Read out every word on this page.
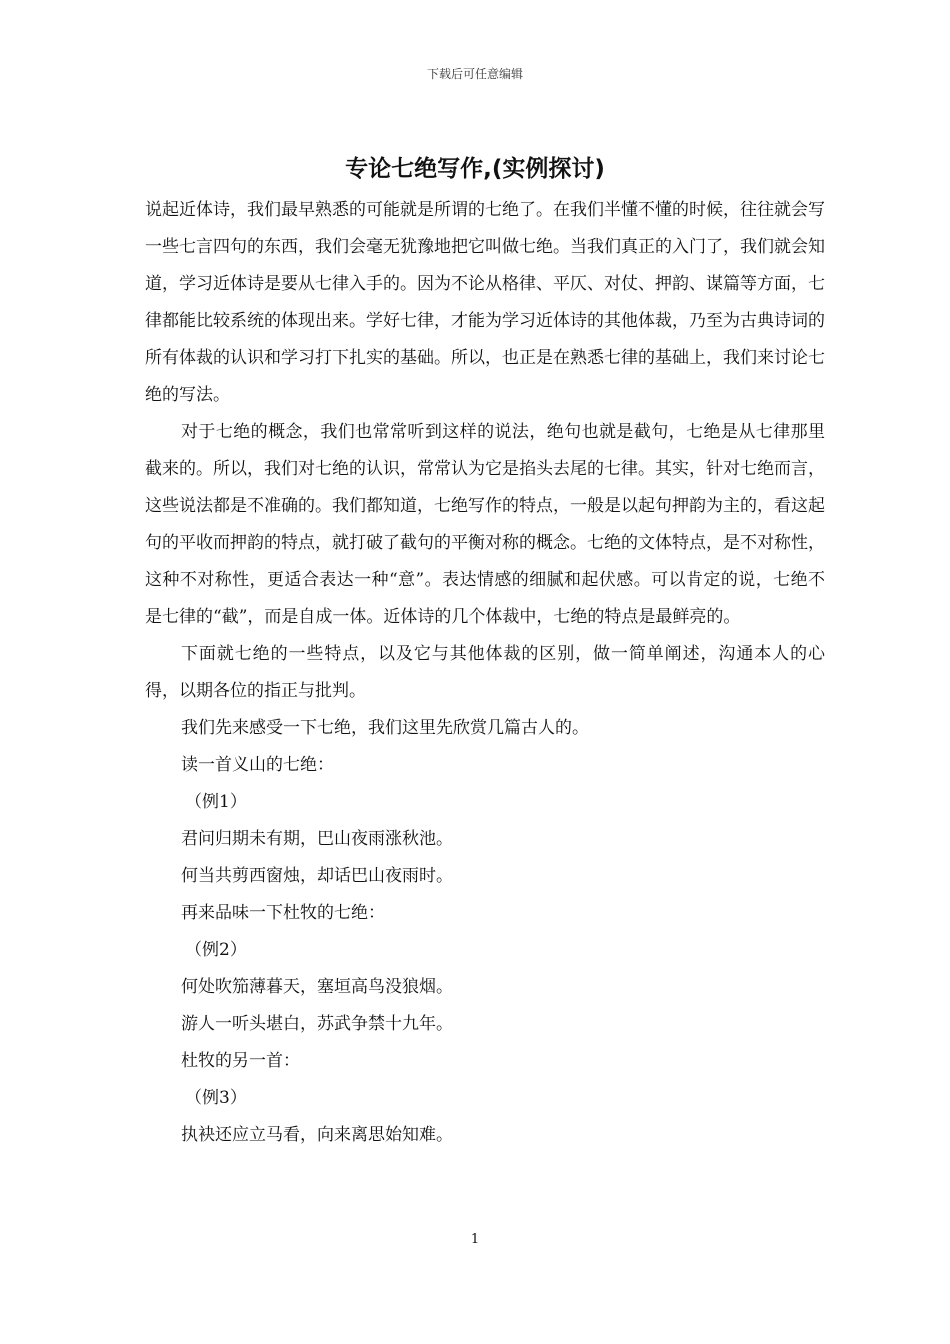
下载后可任意编辑
专论七绝写作,(实例探讨)

说起近体诗，我们最早熟悉的可能就是所谓的七绝了。在我们半懂不懂的时候，往往就会写一些七言四句的东西，我们会毫无犹豫地把它叫做七绝。当我们真正的入门了，我们就会知道，学习近体诗是要从七律入手的。因为不论从格律、平仄、对仗、押韵、谋篇等方面，七律都能比较系统的体现出来。学好七律，才能为学习近体诗的其他体裁，乃至为古典诗词的所有体裁的认识和学习打下扎实的基础。所以，也正是在熟悉七律的基础上，我们来讨论七绝的写法。

对于七绝的概念，我们也常常听到这样的说法，绝句也就是截句，七绝是从七律那里截来的。所以，我们对七绝的认识，常常认为它是掐头去尾的七律。其实，针对七绝而言，这些说法都是不准确的。我们都知道，七绝写作的特点，一般是以起句押韵为主的，看这起句的平收而押韵的特点，就打破了截句的平衡对称的概念。七绝的文体特点，是不对称性，这种不对称性，更适合表达一种“意”。表达情感的细腻和起伏感。可以肯定的说，七绝不是七律的“截”，而是自成一体。近体诗的几个体裁中，七绝的特点是最鲜亮的。

下面就七绝的一些特点，以及它与其他体裁的区别，做一简单阐述，沟通本人的心得，以期各位的指正与批判。

我们先来感受一下七绝，我们这里先欣赏几篇古人的。
读一首义山的七绝：
（例1）
君问归期未有期，巴山夜雨涨秋池。
何当共剪西窗烛，却话巴山夜雨时。
再来品味一下杜牧的七绝：
（例2）
何处吹笳薄暮天，塞垣高鸟没狼烟。
游人一听头堪白，苏武争禁十九年。
杜牧的另一首：
（例3）
执袂还应立马看，向来离思始知难。
1
